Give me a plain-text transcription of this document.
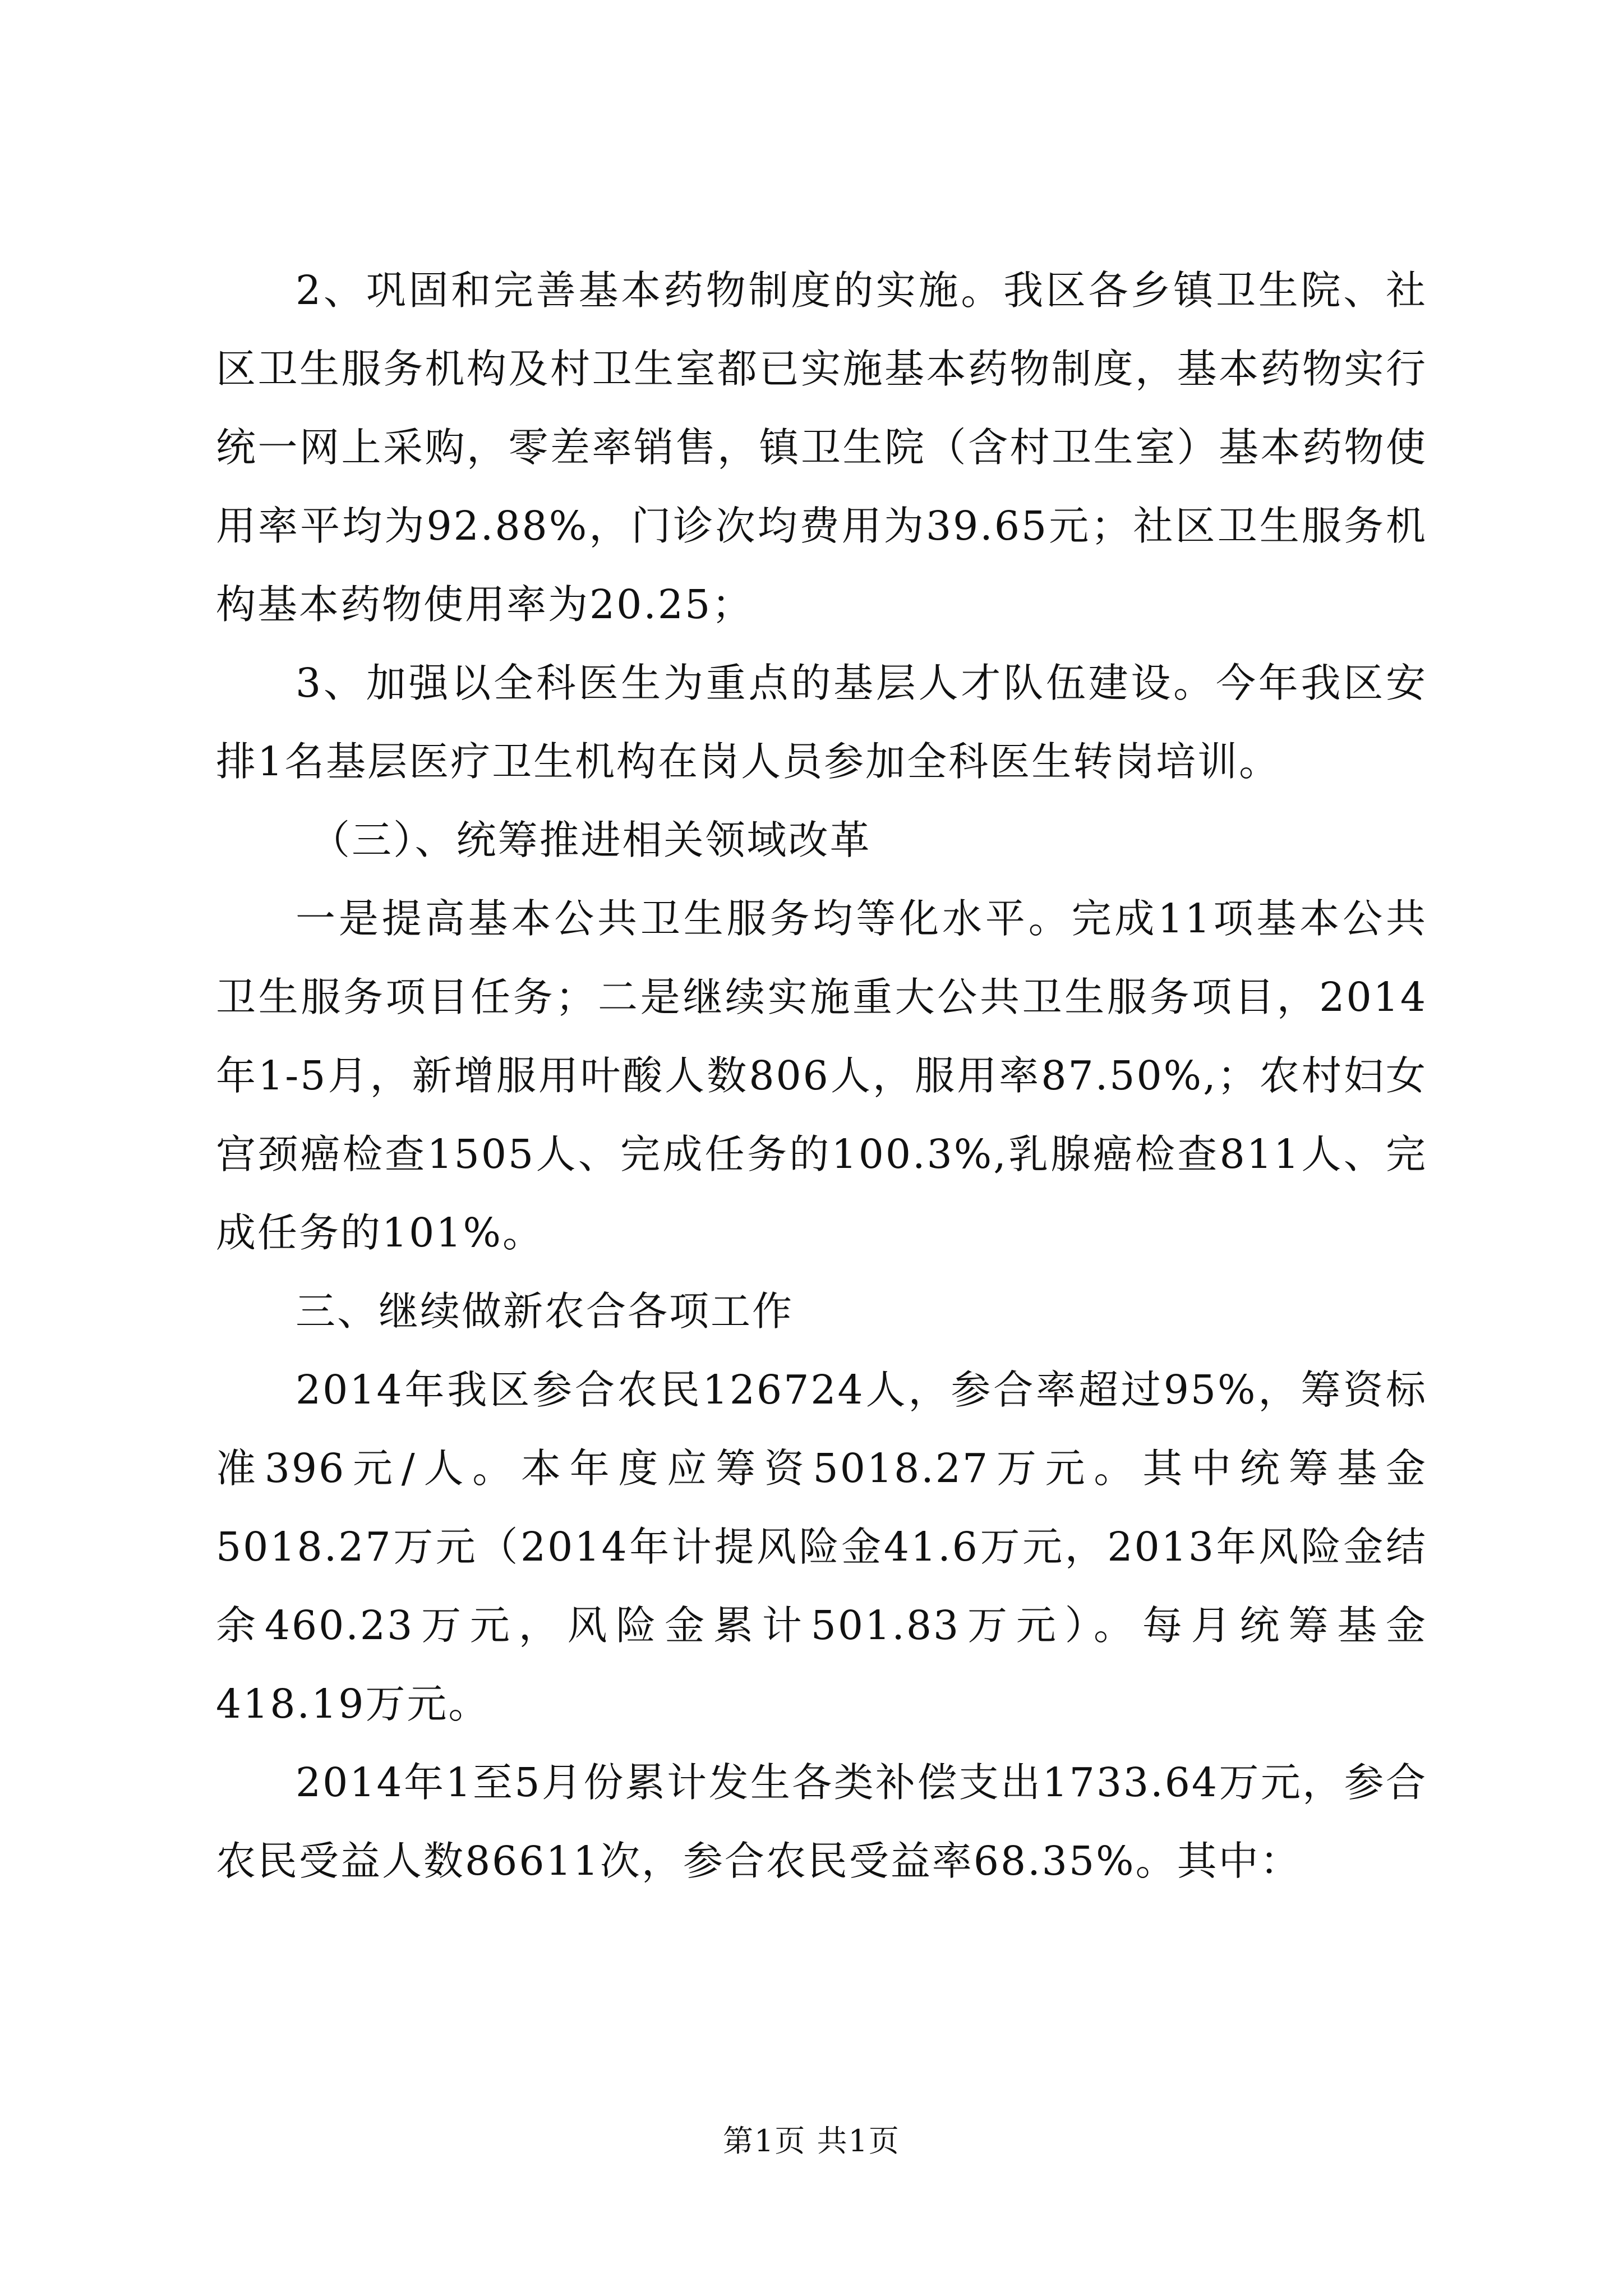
2、巩固和完善基本药物制度的实施。我区各乡镇卫生院、社区卫生服务机构及村卫生室都已实施基本药物制度，基本药物实行统一网上采购，零差率销售，镇卫生院（含村卫生室）基本药物使用率平均为92.88%，门诊次均费用为39.65元；社区卫生服务机构基本药物使用率为20.25；

3、加强以全科医生为重点的基层人才队伍建设。今年我区安排1名基层医疗卫生机构在岗人员参加全科医生转岗培训。

（三）、统筹推进相关领域改革

一是提高基本公共卫生服务均等化水平。完成11项基本公共卫生服务项目任务；二是继续实施重大公共卫生服务项目，2014年1-5月，新增服用叶酸人数806人，服用率87.50%,；农村妇女宫颈癌检查1505人、完成任务的100.3%,乳腺癌检查811人、完成任务的101%。

三、继续做新农合各项工作

2014年我区参合农民126724人，参合率超过95%，筹资标准396元/人。本年度应筹资5018.27万元。其中统筹基金5018.27万元（2014年计提风险金41.6万元，2013年风险金结余460.23万元，风险金累计501.83万元）。每月统筹基金418.19万元。

2014年1至5月份累计发生各类补偿支出1733.64万元，参合农民受益人数86611次，参合农民受益率68.35%。其中：

第1页 共1页
